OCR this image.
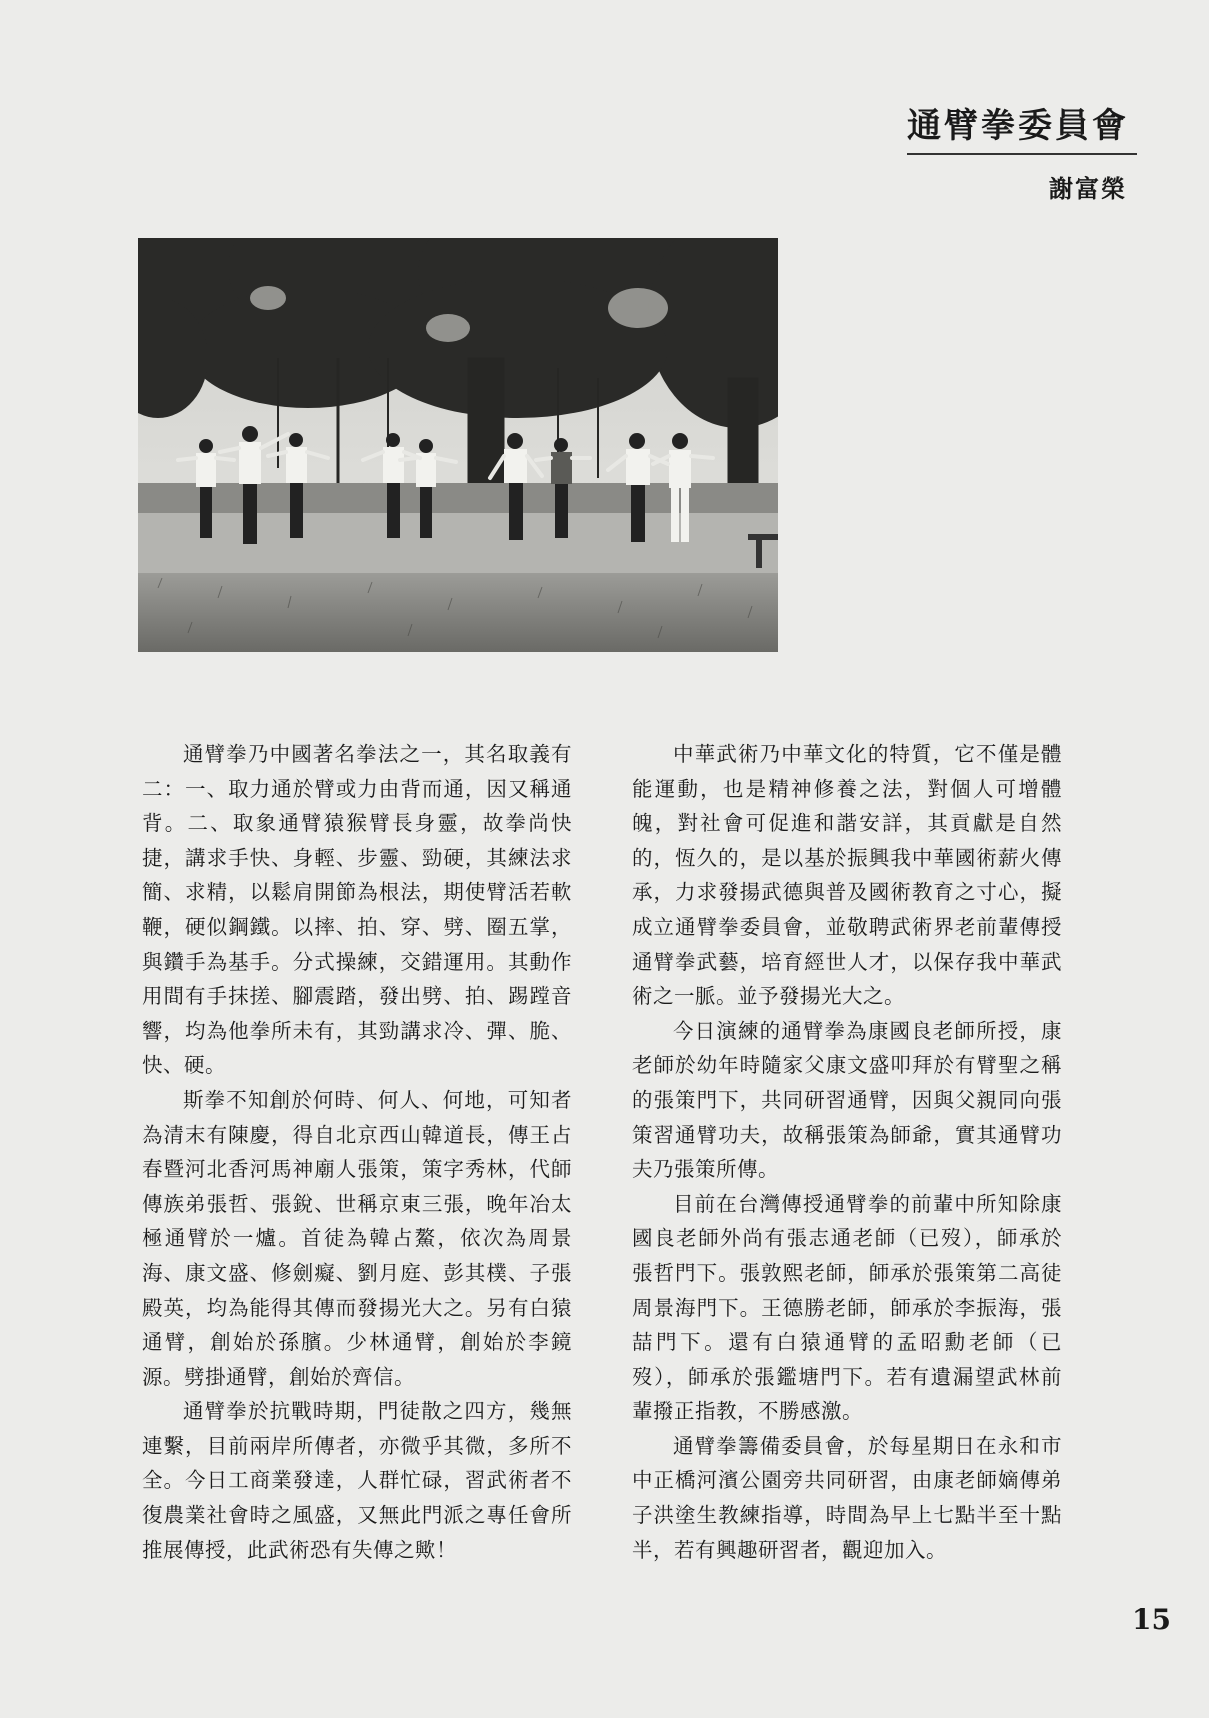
通臂拳委員會
謝富榮

通臂拳乃中國著名拳法之一，其名取義有二：一、取力通於臂或力由背而通，因又稱通背。二、取象通臂猿猴臂長身靈，故拳尚快捷，講求手快、身輕、步靈、勁硬，其練法求簡、求精，以鬆肩開節為根法，期使臂活若軟鞭，硬似鋼鐵。以摔、拍、穿、劈、圈五掌，與鑽手為基手。分式操練，交錯運用。其動作用間有手抹搓、腳震踏，發出劈、拍、踢蹚音響，均為他拳所未有，其勁講求冷、彈、脆、快、硬。

斯拳不知創於何時、何人、何地，可知者為清末有陳慶，得自北京西山韓道長，傳王占春暨河北香河馬神廟人張策，策字秀林，代師傳族弟張哲、張銳、世稱京東三張，晚年冶太極通臂於一爐。首徒為韓占鰲，依次為周景海、康文盛、修劍癡、劉月庭、彭其樸、子張殿英，均為能得其傳而發揚光大之。另有白猿通臂，創始於孫臏。少林通臂，創始於李鏡源。劈掛通臂，創始於齊信。

通臂拳於抗戰時期，門徒散之四方，幾無連繫，目前兩岸所傳者，亦微乎其微，多所不全。今日工商業發達，人群忙碌，習武術者不復農業社會時之風盛，又無此門派之專任會所推展傳授，此武術恐有失傳之歟！

中華武術乃中華文化的特質，它不僅是體能運動，也是精神修養之法，對個人可增體魄，對社會可促進和諧安詳，其貢獻是自然的，恆久的，是以基於振興我中華國術薪火傳承，力求發揚武德與普及國術教育之寸心，擬成立通臂拳委員會，並敬聘武術界老前輩傳授通臂拳武藝，培育經世人才，以保存我中華武術之一脈。並予發揚光大之。

今日演練的通臂拳為康國良老師所授，康老師於幼年時隨家父康文盛叩拜於有臂聖之稱的張策門下，共同研習通臂，因與父親同向張策習通臂功夫，故稱張策為師爺，實其通臂功夫乃張策所傳。

目前在台灣傳授通臂拳的前輩中所知除康國良老師外尚有張志通老師（已歿），師承於張哲門下。張敦熙老師，師承於張策第二高徒周景海門下。王德勝老師，師承於李振海，張喆門下。還有白猿通臂的孟昭勳老師（已歿），師承於張鑑塘門下。若有遺漏望武林前輩撥正指教，不勝感激。

通臂拳籌備委員會，於每星期日在永和市中正橋河濱公園旁共同研習，由康老師嫡傳弟子洪塗生教練指導，時間為早上七點半至十點半，若有興趣研習者，觀迎加入。

15
